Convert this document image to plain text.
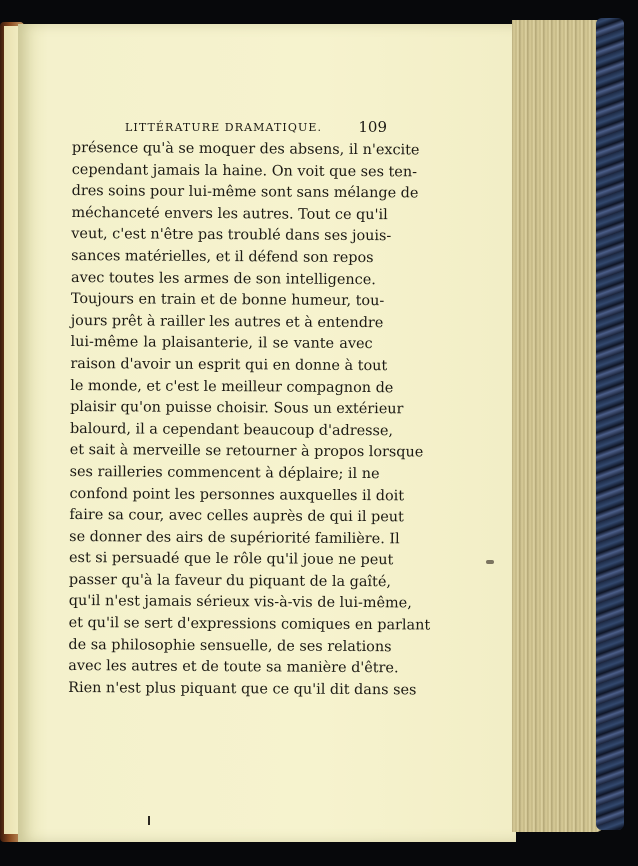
LITTÉRATURE DRAMATIQUE. 109
présence qu'à se moquer des absens, il n'excite
cependant jamais la haine. On voit que ses ten-
dres soins pour lui-même sont sans mélange de
méchanceté envers les autres. Tout ce qu'il
veut, c'est n'être pas troublé dans ses jouis-
sances matérielles, et il défend son repos
avec toutes les armes de son intelligence.
Toujours en train et de bonne humeur, tou-
jours prêt à railler les autres et à entendre
lui-même la plaisanterie, il se vante avec
raison d'avoir un esprit qui en donne à tout
le monde, et c'est le meilleur compagnon de
plaisir qu'on puisse choisir. Sous un extérieur
balourd, il a cependant beaucoup d'adresse,
et sait à merveille se retourner à propos lorsque
ses railleries commencent à déplaire; il ne
confond point les personnes auxquelles il doit
faire sa cour, avec celles auprès de qui il peut
se donner des airs de supériorité familière. Il
est si persuadé que le rôle qu'il joue ne peut
passer qu'à la faveur du piquant de la gaîté,
qu'il n'est jamais sérieux vis-à-vis de lui-même,
et qu'il se sert d'expressions comiques en parlant
de sa philosophie sensuelle, de ses relations
avec les autres et de toute sa manière d'être.
Rien n'est plus piquant que ce qu'il dit dans ses
